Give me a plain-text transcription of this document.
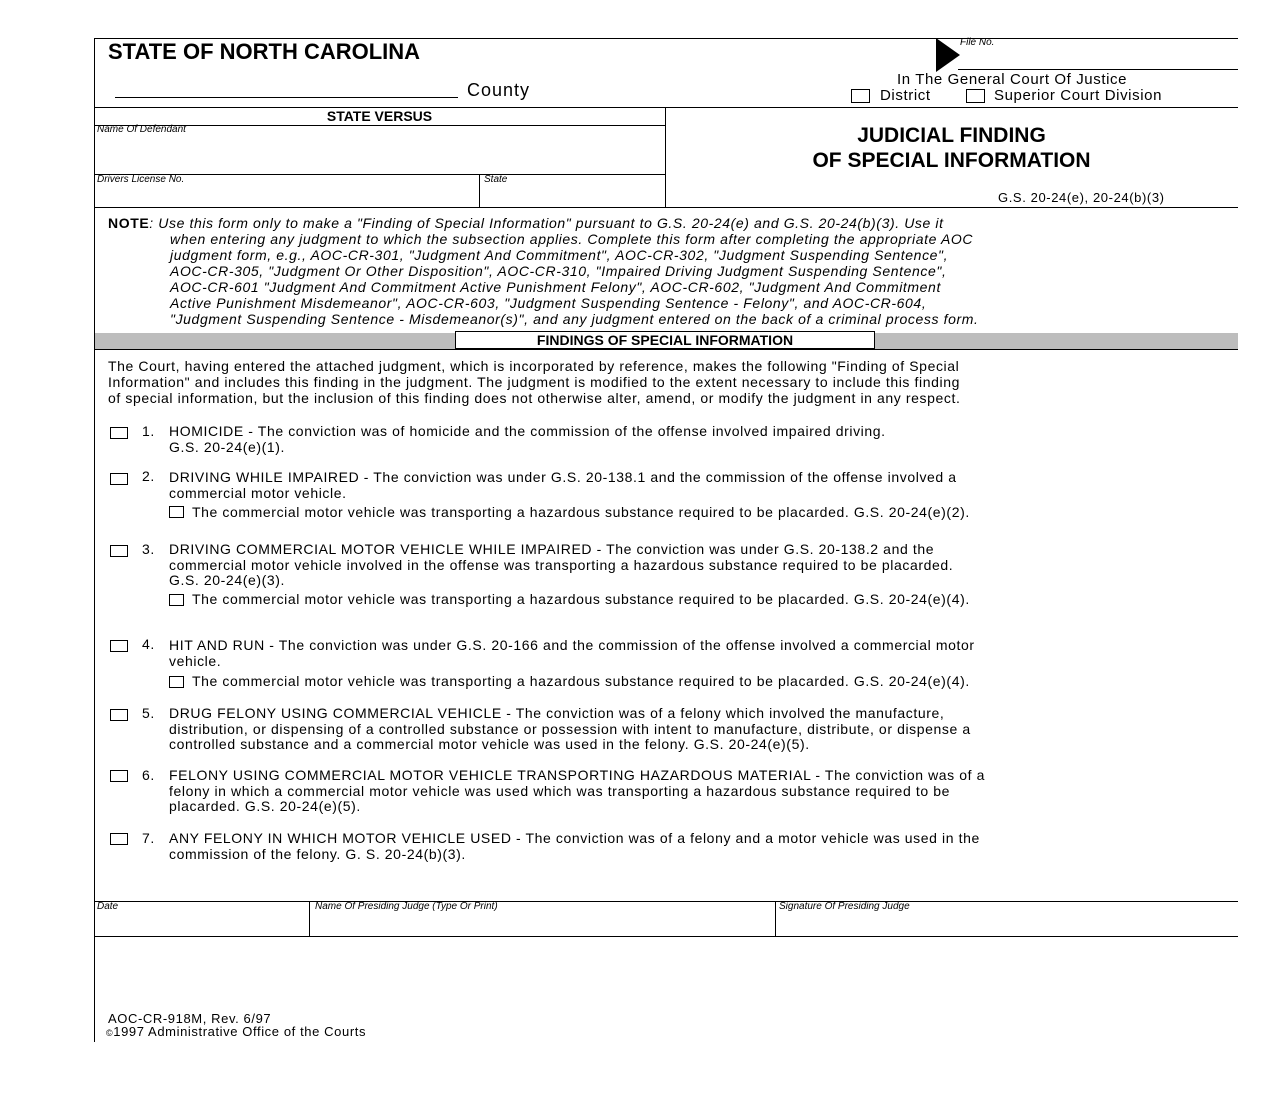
STATE OF NORTH CAROLINA
County
File No.
In The General Court Of Justice
District	Superior Court Division
STATE VERSUS
Name Of Defendant
Drivers License No.	State
JUDICIAL FINDING
OF SPECIAL INFORMATION
G.S. 20-24(e), 20-24(b)(3)
NOTE: Use this form only to make a "Finding of Special Information" pursuant to G.S. 20-24(e) and G.S. 20-24(b)(3). Use it
when entering any judgment to which the subsection applies. Complete this form after completing the appropriate AOC
judgment form, e.g., AOC-CR-301, "Judgment And Commitment", AOC-CR-302, "Judgment Suspending Sentence",
AOC-CR-305, "Judgment Or Other Disposition", AOC-CR-310, "Impaired Driving Judgment Suspending Sentence",
AOC-CR-601 "Judgment And Commitment Active Punishment Felony", AOC-CR-602, "Judgment And Commitment
Active Punishment Misdemeanor", AOC-CR-603, "Judgment Suspending Sentence - Felony", and AOC-CR-604,
"Judgment Suspending Sentence - Misdemeanor(s)", and any judgment entered on the back of a criminal process form.
FINDINGS OF SPECIAL INFORMATION
The Court, having entered the attached judgment, which is incorporated by reference, makes the following "Finding of Special
Information" and includes this finding in the judgment. The judgment is modified to the extent necessary to include this finding
of special information, but the inclusion of this finding does not otherwise alter, amend, or modify the judgment in any respect.
1. HOMICIDE - The conviction was of homicide and the commission of the offense involved impaired driving.
G.S. 20-24(e)(1).
2. DRIVING WHILE IMPAIRED - The conviction was under G.S. 20-138.1 and the commission of the offense involved a
commercial motor vehicle.
The commercial motor vehicle was transporting a hazardous substance required to be placarded. G.S. 20-24(e)(2).
3. DRIVING COMMERCIAL MOTOR VEHICLE WHILE IMPAIRED - The conviction was under G.S. 20-138.2 and the
commercial motor vehicle involved in the offense was transporting a hazardous substance required to be placarded.
G.S. 20-24(e)(3).
The commercial motor vehicle was transporting a hazardous substance required to be placarded. G.S. 20-24(e)(4).
4. HIT AND RUN - The conviction was under G.S. 20-166 and the commission of the offense involved a commercial motor
vehicle.
The commercial motor vehicle was transporting a hazardous substance required to be placarded. G.S. 20-24(e)(4).
5. DRUG FELONY USING COMMERCIAL VEHICLE - The conviction was of a felony which involved the manufacture,
distribution, or dispensing of a controlled substance or possession with intent to manufacture, distribute, or dispense a
controlled substance and a commercial motor vehicle was used in the felony. G.S. 20-24(e)(5).
6. FELONY USING COMMERCIAL MOTOR VEHICLE TRANSPORTING HAZARDOUS MATERIAL - The conviction was of a
felony in which a commercial motor vehicle was used which was transporting a hazardous substance required to be
placarded. G.S. 20-24(e)(5).
7. ANY FELONY IN WHICH MOTOR VEHICLE USED - The conviction was of a felony and a motor vehicle was used in the
commission of the felony. G. S. 20-24(b)(3).
Date	Name Of Presiding Judge (Type Or Print)	Signature Of Presiding Judge
AOC-CR-918M, Rev. 6/97
©1997 Administrative Office of the Courts
